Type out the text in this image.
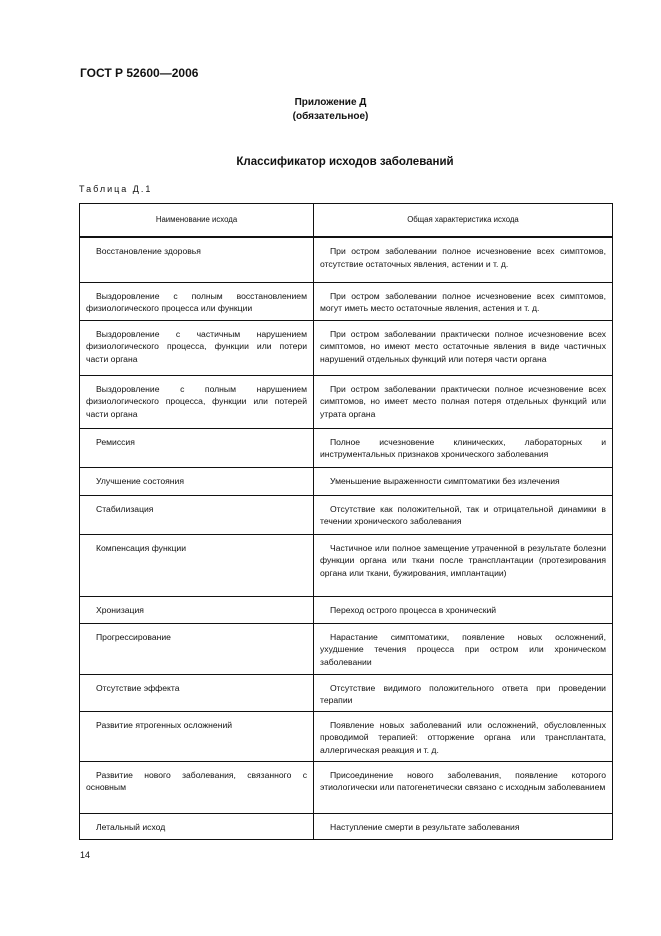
ГОСТ Р 52600—2006
Приложение Д
(обязательное)
Классификатор исходов заболеваний
Таблица Д.1
Наименование исхода	Общая характеристика исхода
Восстановление здоровья	При остром заболевании полное исчезновение всех симптомов, отсутствие остаточных явления, астении и т. д.
Выздоровление с полным восстановлением физиологического процесса или функции	При остром заболевании полное исчезновение всех симптомов, могут иметь место остаточные явления, астения и т. д.
Выздоровление с частичным нарушением физиологического процесса, функции или потери части органа	При остром заболевании практически полное исчезновение всех симптомов, но имеют место остаточные явления в виде частичных нарушений отдельных функций или потеря части органа
Выздоровление с полным нарушением физиологического процесса, функции или потерей части органа	При остром заболевании практически полное исчезновение всех симптомов, но имеет место полная потеря отдельных функций или утрата органа
Ремиссия	Полное исчезновение клинических, лабораторных и инструментальных признаков хронического заболевания
Улучшение состояния	Уменьшение выраженности симптоматики без излечения
Стабилизация	Отсутствие как положительной, так и отрицательной динамики в течении хронического заболевания
Компенсация функции	Частичное или полное замещение утраченной в результате болезни функции органа или ткани после трансплантации (протезирования органа или ткани, бужирования, имплантации)
Хронизация	Переход острого процесса в хронический
Прогрессирование	Нарастание симптоматики, появление новых осложнений, ухудшение течения процесса при остром или хроническом заболевании
Отсутствие эффекта	Отсутствие видимого положительного ответа при проведении терапии
Развитие ятрогенных осложнений	Появление новых заболеваний или осложнений, обусловленных проводимой терапией: отторжение органа или трансплантата, аллергическая реакция и т. д.
Развитие нового заболевания, связанного с основным	Присоединение нового заболевания, появление которого этиологически или патогенетически связано с исходным заболеванием
Летальный исход	Наступление смерти в результате заболевания
14
